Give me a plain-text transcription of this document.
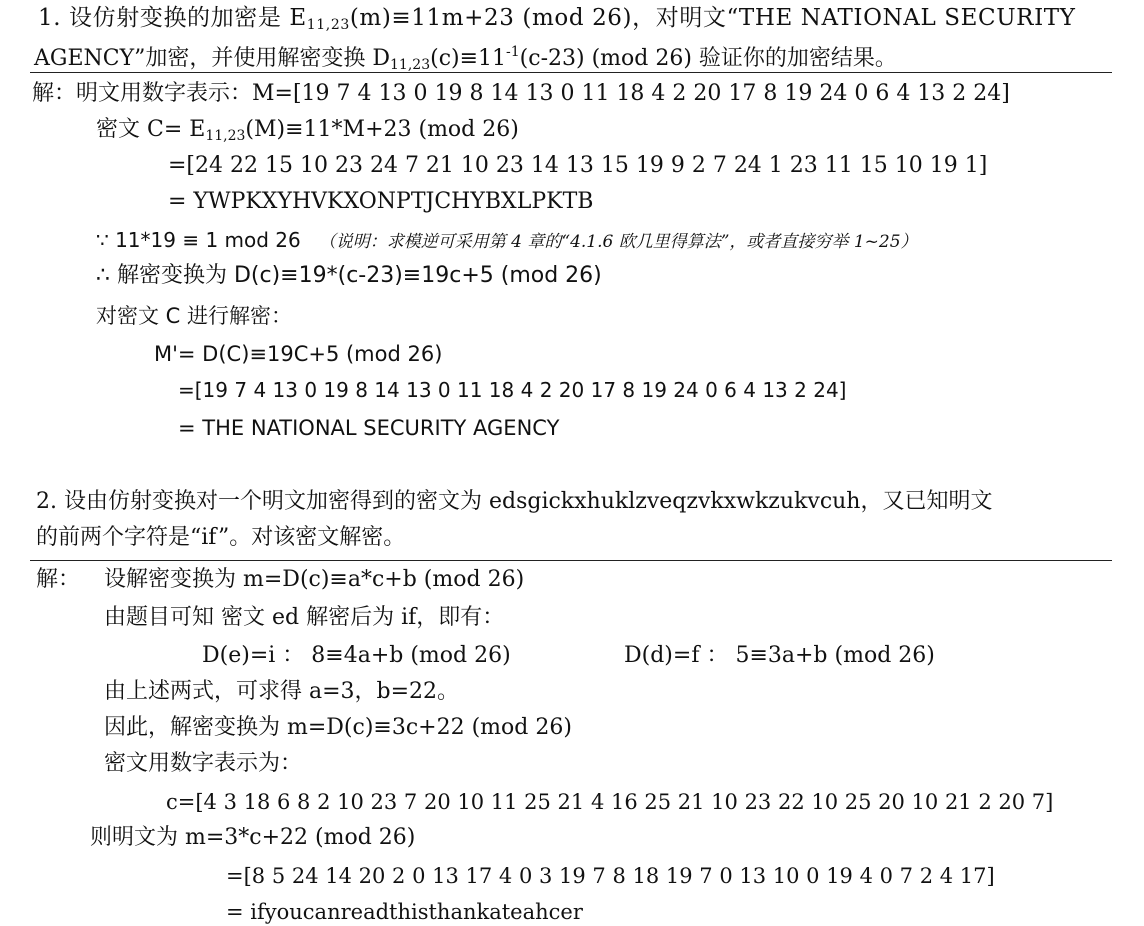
1. 设仿射变换的加密是 $E_{11,23}(m)\equiv 11m+23$ (mod 26)，对明文“THE NATIONAL SECURITY
AGENCY”加密，并使用解密变换 $D_{11,23}(c)\equiv 11^{-1}(c-23)$ (mod 26) 验证你的加密结果。
解：明文用数字表示：M=[19 7 4 13 0 19 8 14 13 0 11 18 4 2 20 17 8 19 24 0 6 4 13 2 24]
密文 $C= E_{11,23}(M)\equiv 11*M+23$ (mod 26)
=[24 22 15 10 23 24 7 21 10 23 14 13 15 19 9 2 7 24 1 23 11 15 10 19 1]
= YWPKXYHVKXONPTJCHYBXLPKTB
∵ 11*19 ≡ 1 mod 26 （说明：求模逆可采用第 4 章的“4.1.6 欧几里得算法”，或者直接穷举 1~25）
∴ 解密变换为 D(c)≡19*(c-23)≡19c+5 (mod 26)
对密文 C 进行解密：
M'= D(C)≡19C+5 (mod 26)
=[19 7 4 13 0 19 8 14 13 0 11 18 4 2 20 17 8 19 24 0 6 4 13 2 24]
= THE NATIONAL SECURITY AGENCY
2. 设由仿射变换对一个明文加密得到的密文为 edsgickxhuklzveqzvkxwkzukvcuh，又已知明文
的前两个字符是“if”。对该密文解密。
解： 设解密变换为 m=D(c)≡a*c+b (mod 26)
由题目可知 密文 ed 解密后为 if，即有：
D(e)=i ： 8≡4a+b (mod 26)	D(d)=f ： 5≡3a+b (mod 26)
由上述两式，可求得 a=3，b=22。
因此，解密变换为 m=D(c)≡3c+22 (mod 26)
密文用数字表示为：
c=[4 3 18 6 8 2 10 23 7 20 10 11 25 21 4 16 25 21 10 23 22 10 25 20 10 21 2 20 7]
则明文为 m=3*c+22 (mod 26)
=[8 5 24 14 20 2 0 13 17 4 0 3 19 7 8 18 19 7 0 13 10 0 19 4 0 7 2 4 17]
= ifyoucanreadthisthankateahcer
